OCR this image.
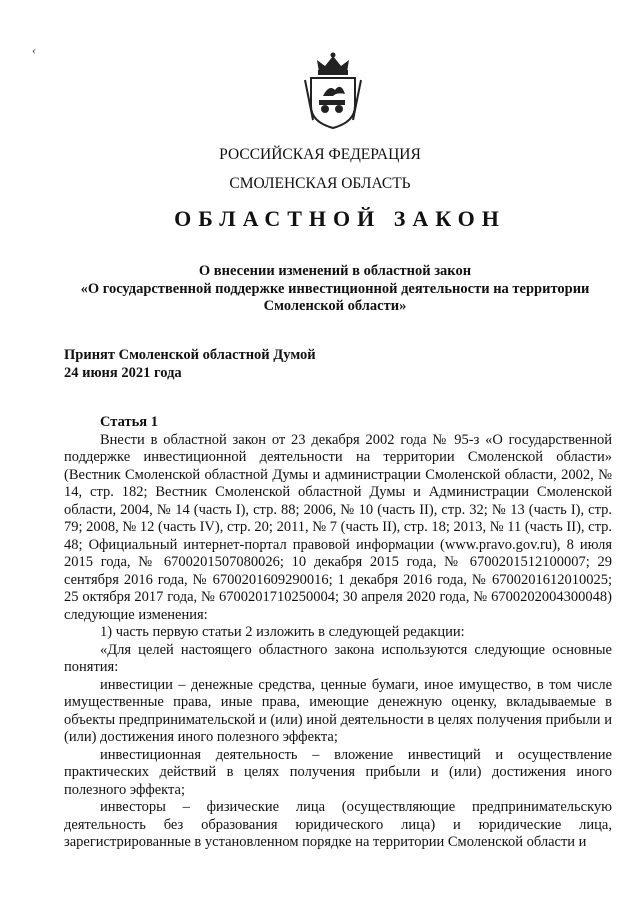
‹
РОССИЙСКАЯ ФЕДЕРАЦИЯ
СМОЛЕНСКАЯ ОБЛАСТЬ
ОБЛАСТНОЙ ЗАКОН
О внесении изменений в областной закон
«О государственной поддержке инвестиционной деятельности на территории
Смоленской области»
Принят Смоленской областной Думой
24 июня 2021 года

Статья 1

Внести в областной закон от 23 декабря 2002 года № 95-з «О государственной поддержке инвестиционной деятельности на территории Смоленской области» (Вестник Смоленской областной Думы и администрации Смоленской области, 2002, № 14, стр. 182; Вестник Смоленской областной Думы и Администрации Смоленской области, 2004, № 14 (часть I), стр. 88; 2006, № 10 (часть II), стр. 32; № 13 (часть I), стр. 79; 2008, № 12 (часть IV), стр. 20; 2011, № 7 (часть II), стр. 18; 2013, № 11 (часть II), стр. 48; Официальный интернет-портал правовой информации (www.pravo.gov.ru), 8 июля 2015 года, № 6700201507080026; 10 декабря 2015 года, № 6700201512100007; 29 сентября 2016 года, № 6700201609290016; 1 декабря 2016 года, № 6700201612010025; 25 октября 2017 года, № 6700201710250004; 30 апреля 2020 года, № 6700202004300048) следующие изменения:

1) часть первую статьи 2 изложить в следующей редакции:

«Для целей настоящего областного закона используются следующие основные понятия:

инвестиции – денежные средства, ценные бумаги, иное имущество, в том числе имущественные права, иные права, имеющие денежную оценку, вкладываемые в объекты предпринимательской и (или) иной деятельности в целях получения прибыли и (или) достижения иного полезного эффекта;

инвестиционная деятельность – вложение инвестиций и осуществление практических действий в целях получения прибыли и (или) достижения иного полезного эффекта;

инвесторы – физические лица (осуществляющие предпринимательскую деятельность без образования юридического лица) и юридические лица, зарегистрированные в установленном порядке на территории Смоленской области и
